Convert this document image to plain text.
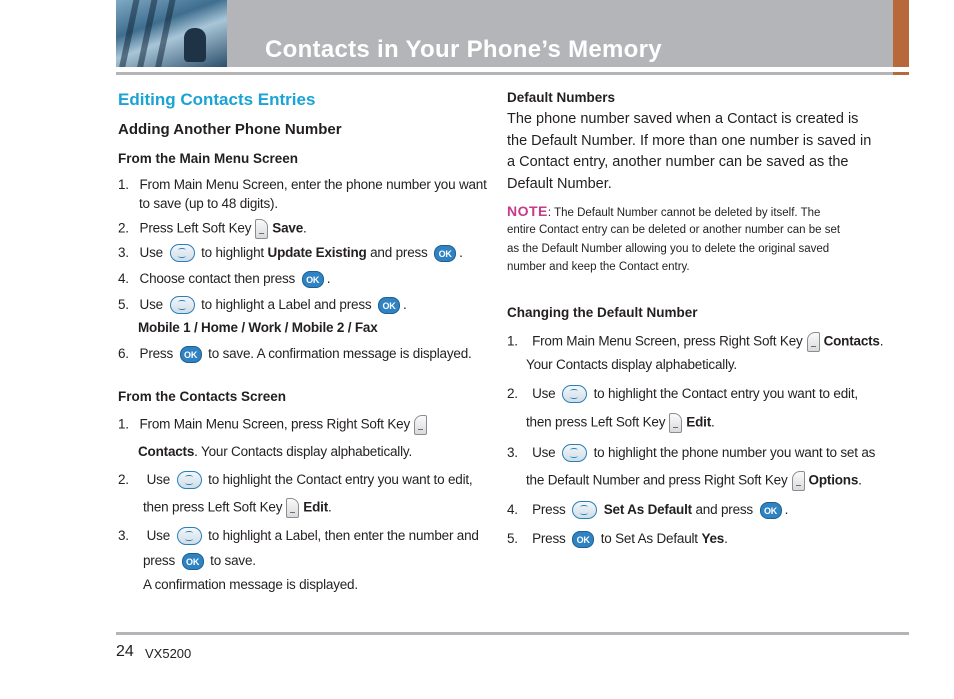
Contacts in Your Phone’s Memory
Editing Contacts Entries
Adding Another Phone Number
From the Main Menu Screen
1. From Main Menu Screen, enter the phone number you want
to save (up to 48 digits).
2. Press Left Soft Key Save.
3. Use	to highlight Update Existing and press OK .
4. Choose contact then press OK .
5. Use	to highlight a Label and press OK .
Mobile 1 / Home / Work / Mobile 2 / Fax
6. Press OK to save. A confirmation message is displayed.
From the Contacts Screen
1. From Main Menu Screen, press Right Soft Key
Contacts. Your Contacts display alphabetically.
2. Use	to highlight the Contact entry you want to edit,
then press Left Soft Key Edit.
3. Use	to highlight a Label, then enter the number and
press OK to save.
A confirmation message is displayed.
Default Numbers
The phone number saved when a Contact is created is
the Default Number. If more than one number is saved in
a Contact entry, another number can be saved as the
Default Number.
NOTE: The Default Number cannot be deleted by itself. The
entire Contact entry can be deleted or another number can be set
as the Default Number allowing you to delete the original saved
number and keep the Contact entry.
Changing the Default Number
1. From Main Menu Screen, press Right Soft Key Contacts.
Your Contacts display alphabetically.
2. Use	to highlight the Contact entry you want to edit,
then press Left Soft Key Edit.
3. Use	to highlight the phone number you want to set as
the Default Number and press Right Soft Key Options.
4. Press	Set As Default and press OK .
5. Press OK to Set As Default Yes.
24 VX5200
